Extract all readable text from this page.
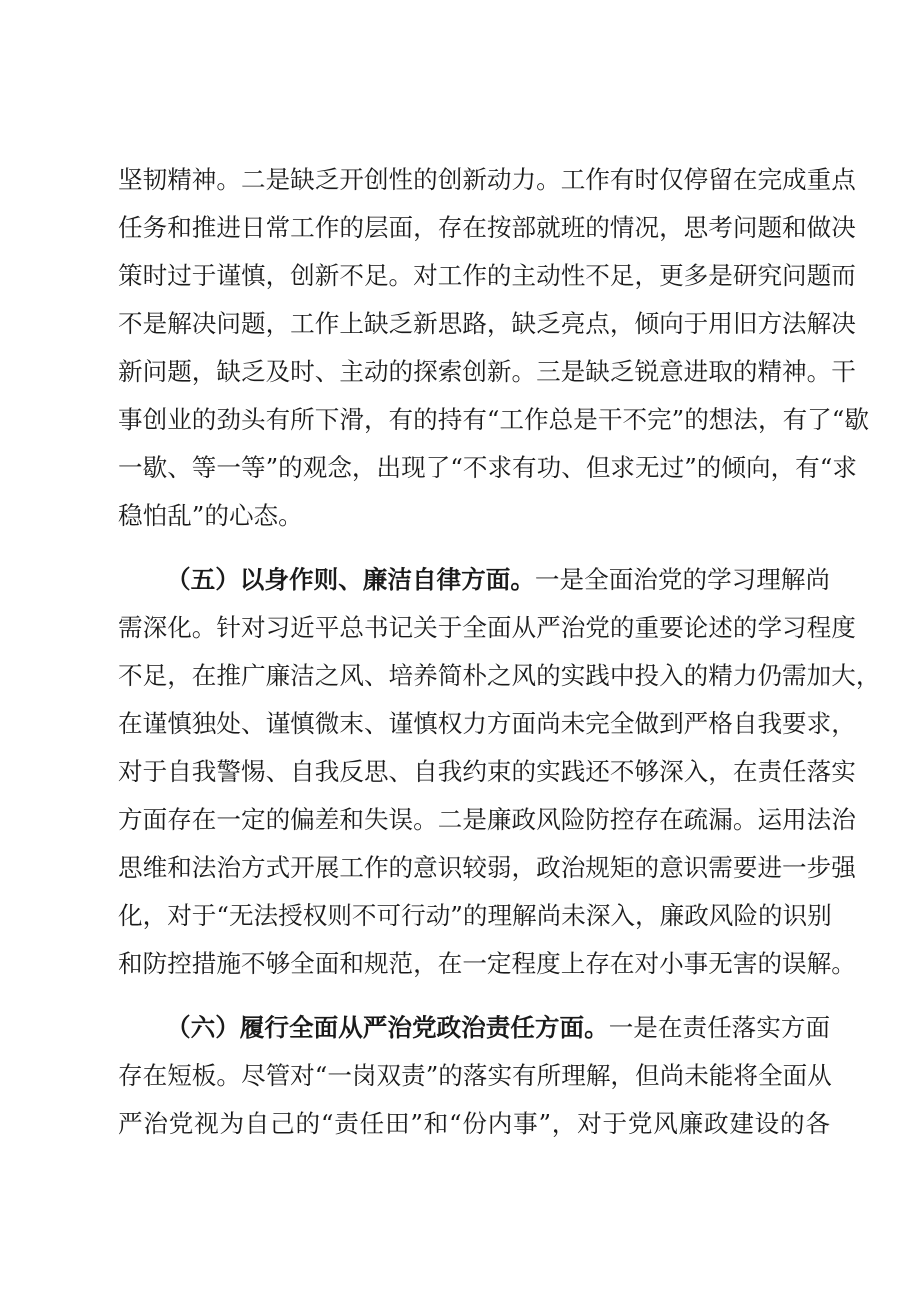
坚韧精神。二是缺乏开创性的创新动力。工作有时仅停留在完成重点
任务和推进日常工作的层面，存在按部就班的情况，思考问题和做决
策时过于谨慎，创新不足。对工作的主动性不足，更多是研究问题而
不是解决问题，工作上缺乏新思路，缺乏亮点，倾向于用旧方法解决
新问题，缺乏及时、主动的探索创新。三是缺乏锐意进取的精神。干
事创业的劲头有所下滑，有的持有“工作总是干不完”的想法，有了“歇
一歇、等一等”的观念，出现了“不求有功、但求无过”的倾向，有“求
稳怕乱”的心态。
（五）以身作则、廉洁自律方面。一是全面治党的学习理解尚
需深化。针对习近平总书记关于全面从严治党的重要论述的学习程度
不足，在推广廉洁之风、培养简朴之风的实践中投入的精力仍需加大，
在谨慎独处、谨慎微末、谨慎权力方面尚未完全做到严格自我要求，
对于自我警惕、自我反思、自我约束的实践还不够深入，在责任落实
方面存在一定的偏差和失误。二是廉政风险防控存在疏漏。运用法治
思维和法治方式开展工作的意识较弱，政治规矩的意识需要进一步强
化，对于“无法授权则不可行动”的理解尚未深入，廉政风险的识别
和防控措施不够全面和规范，在一定程度上存在对小事无害的误解。
（六）履行全面从严治党政治责任方面。一是在责任落实方面
存在短板。尽管对“一岗双责”的落实有所理解，但尚未能将全面从
严治党视为自己的“责任田”和“份内事”，对于党风廉政建设的各
